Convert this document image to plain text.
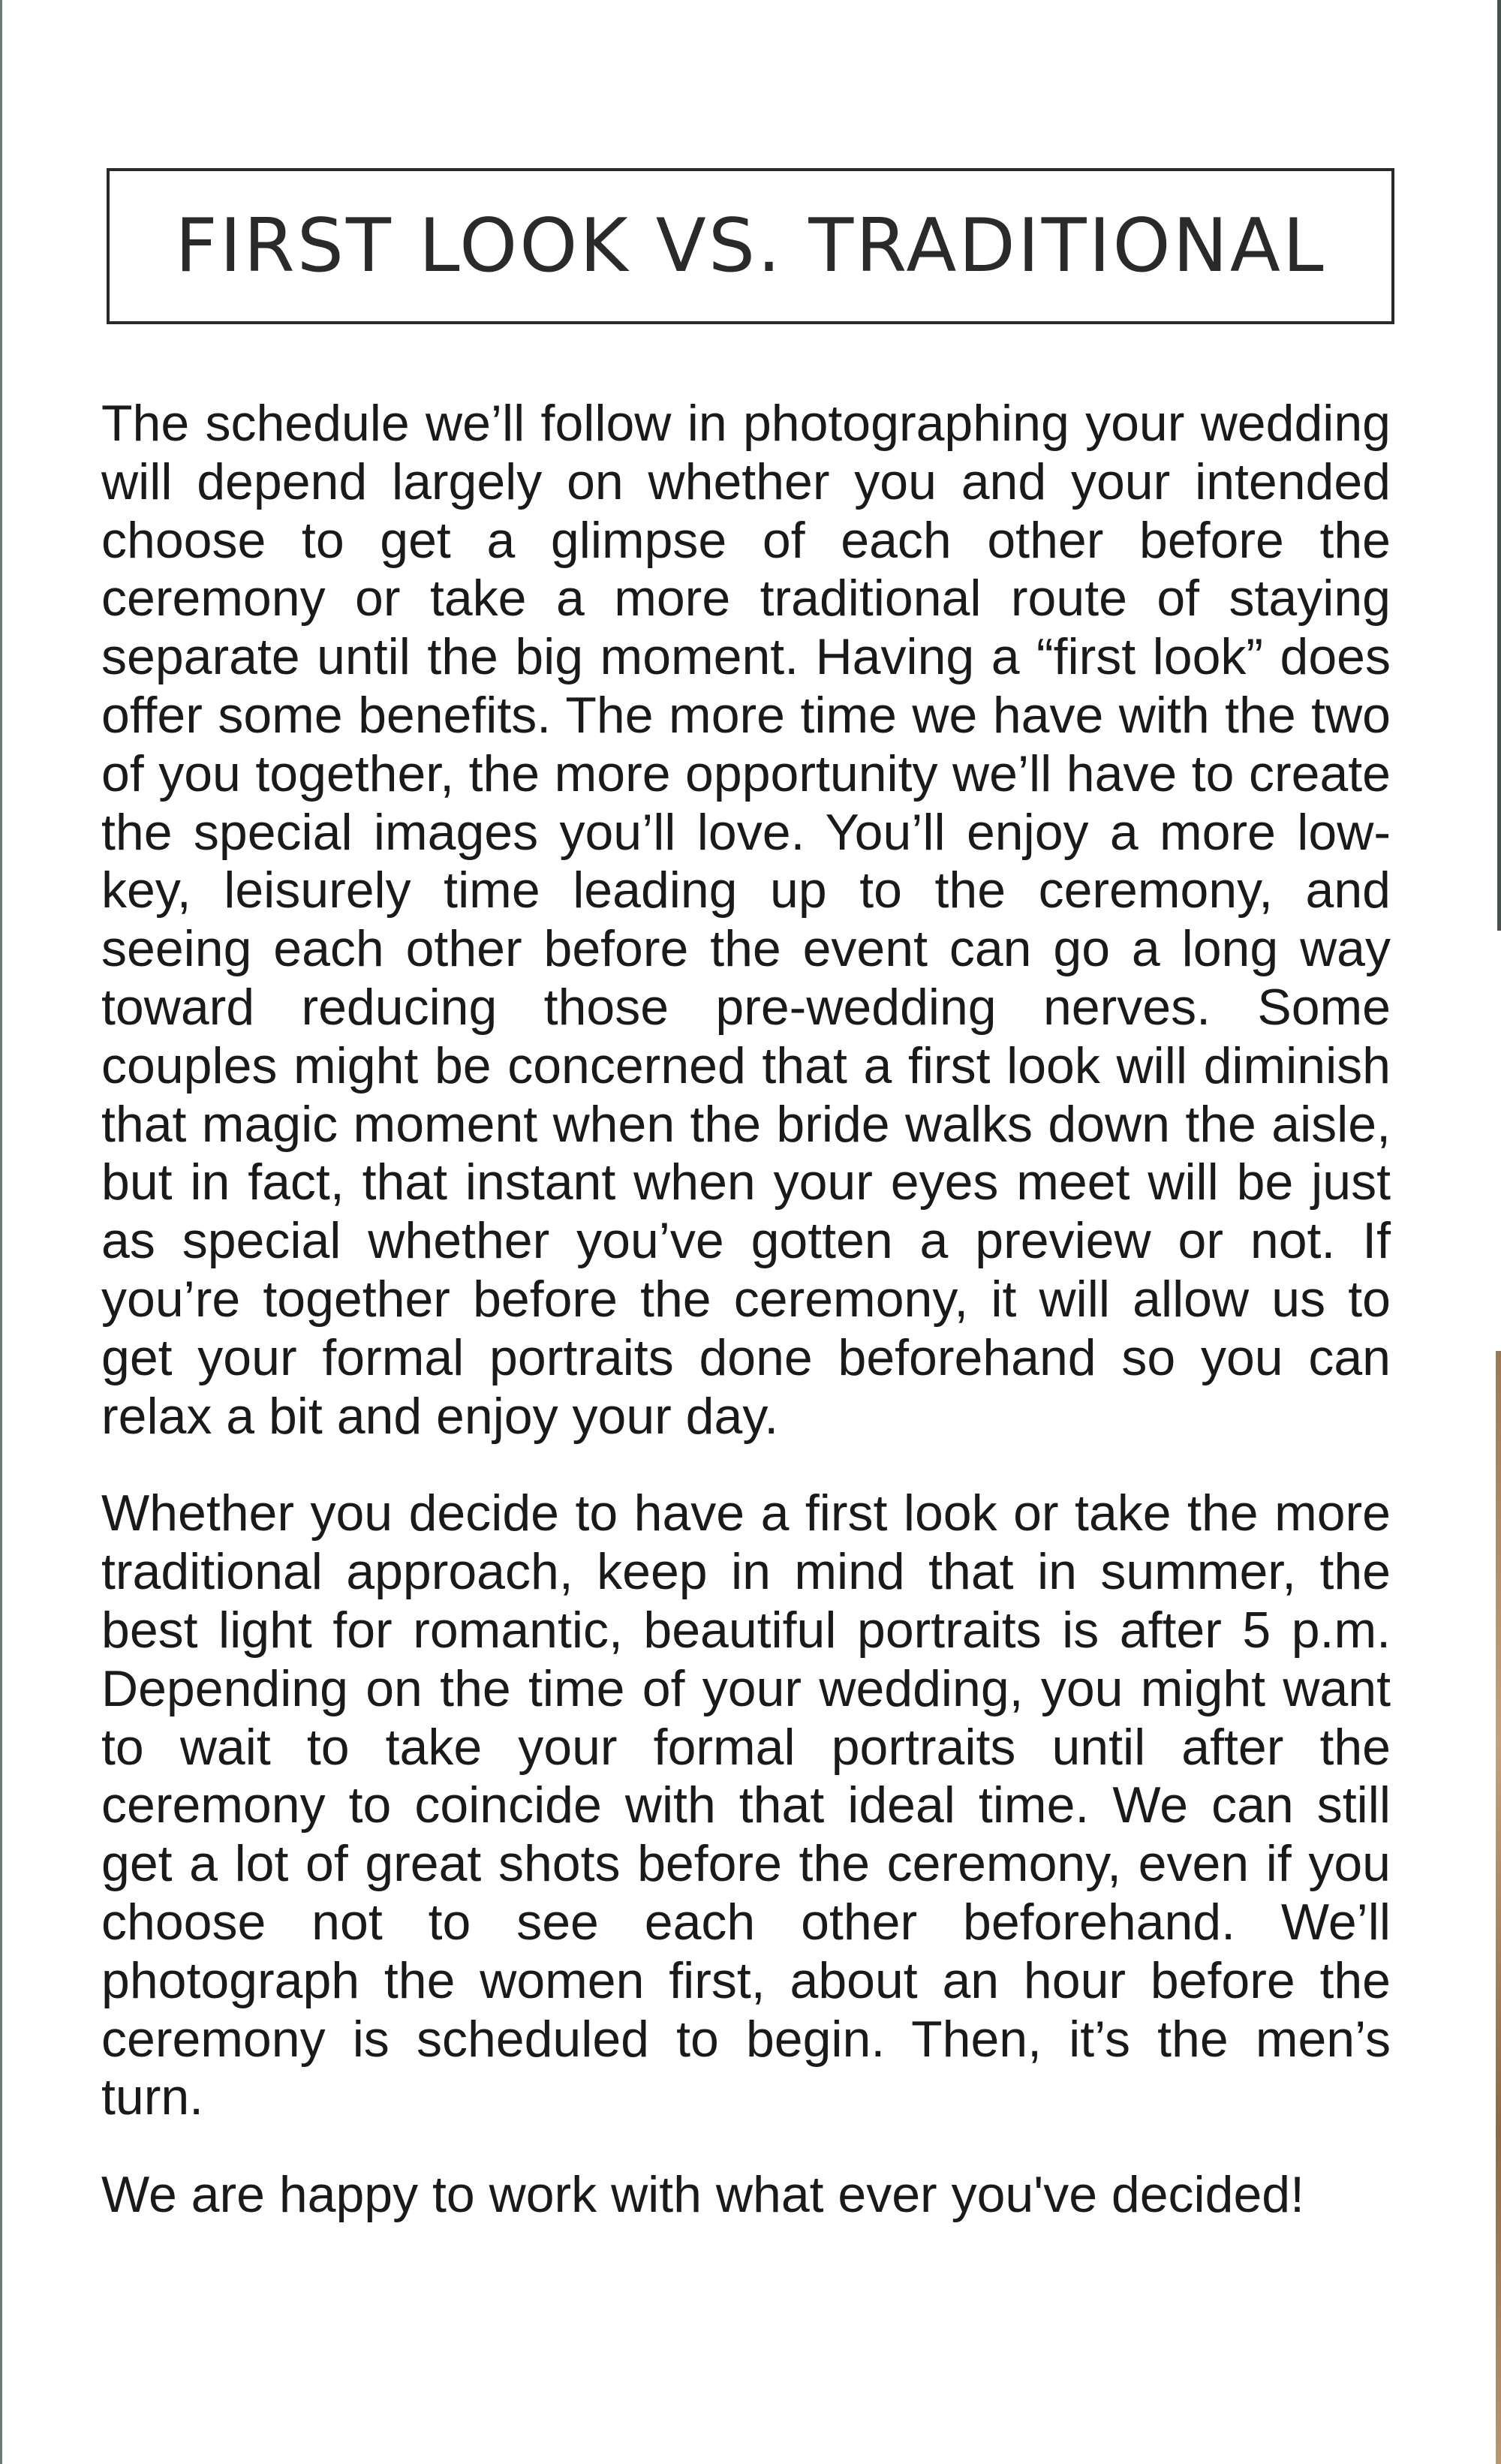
FIRST LOOK VS. TRADITIONAL

The schedule we’ll follow in photographing your wedding will depend largely on whether you and your intended choose to get a glimpse of each other before the ceremony or take a more traditional route of staying separate until the big moment. Having a “first look” does offer some benefits. The more time we have with the two of you together, the more opportunity we’ll have to create the special images you’ll love. You’ll enjoy a more low-key, leisurely time leading up to the ceremony, and seeing each other before the event can go a long way toward reducing those pre-wedding nerves. Some couples might be concerned that a first look will diminish that magic moment when the bride walks down the aisle, but in fact, that instant when your eyes meet will be just as special whether you’ve gotten a preview or not. If you’re together before the ceremony, it will allow us to get your formal portraits done beforehand so you can relax a bit and enjoy your day.

Whether you decide to have a first look or take the more traditional approach, keep in mind that in summer, the best light for romantic, beautiful portraits is after 5 p.m. Depending on the time of your wedding, you might want to wait to take your formal portraits until after the ceremony to coincide with that ideal time. We can still get a lot of great shots before the ceremony, even if you choose not to see each other beforehand. We’ll photograph the women first, about an hour before the ceremony is scheduled to begin. Then, it’s the men’s turn.

We are happy to work with what ever you've decided!
